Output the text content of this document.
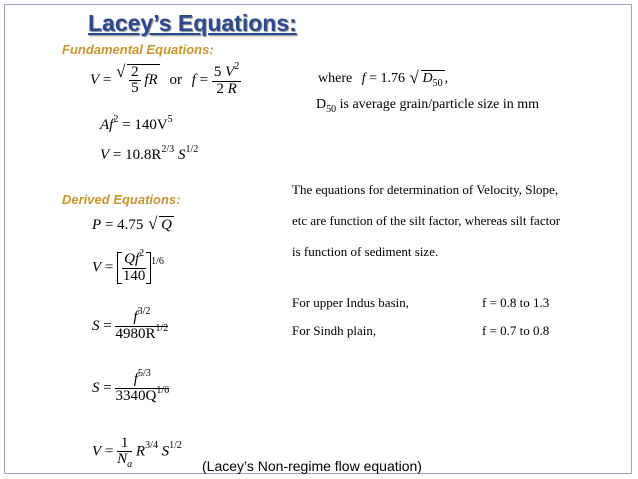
Lacey’s Equations:
Fundamental Equations:
V = √ $\frac{2}{5}$ fR or $f = \frac{5 V^2}{2 R}$
$Af^2 = 140V^5$
$V = 10.8R^{2/3}$ $S^{1/2}$
where f = 1.76 √ $D_{50}$ ,
$D_{50}$ is average grain/particle size in mm
The equations for determination of Velocity, Slope,
etc are function of the silt factor, whereas silt factor
is function of sediment size.
For upper Indus basin,	f = 0.8 to 1.3
For Sindh plain,	f = 0.7 to 0.8
Derived Equations:
P = 4.75 √ Q
$V = \frac{Qf^2}{140} ^{1/6}$
$S = \frac{f^{3/2}}{4980R^{1/2}}$
$S = \frac{f^{5/3}}{3340Q^{1/6}}$
$V = \frac{1}{N_a} R^{3/4}$ $S^{1/2}$
(Lacey’s Non-regime flow equation)
